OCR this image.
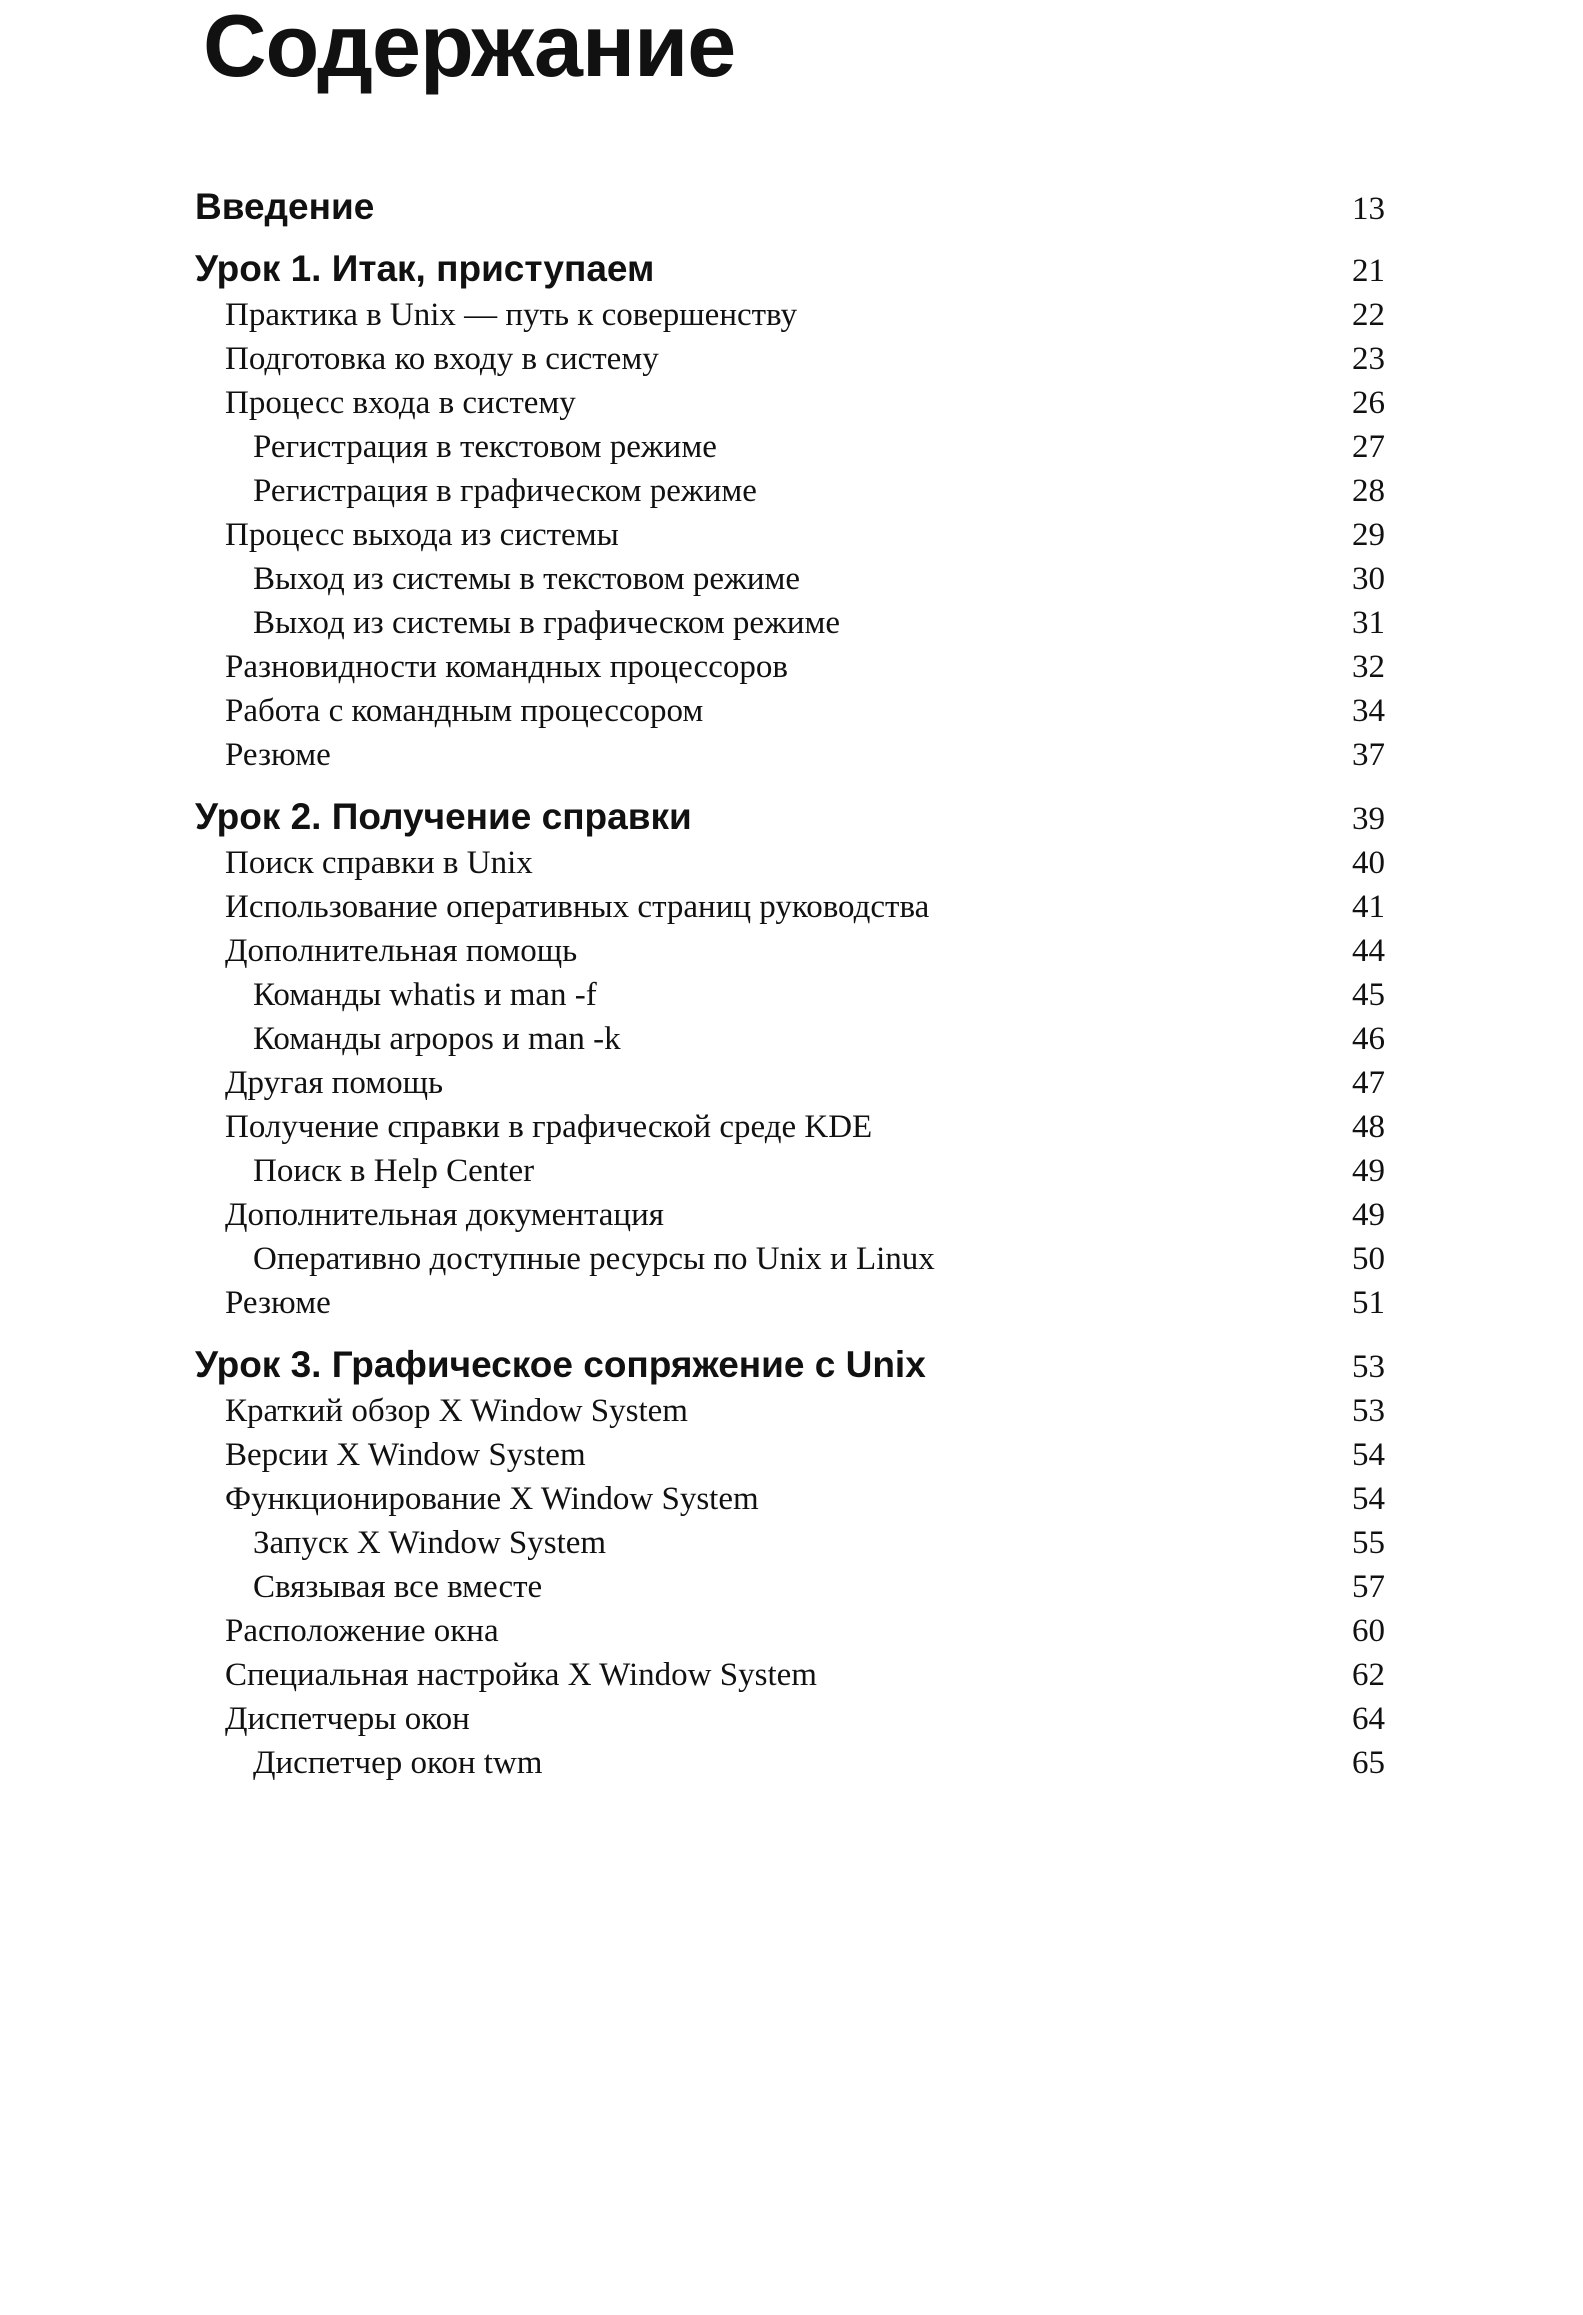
Содержание
Введение	13
Урок 1. Итак, приступаем	21
Практика в Unix — путь к совершенству	22
Подготовка ко входу в систему	23
Процесс входа в систему	26
Регистрация в текстовом режиме	27
Регистрация в графическом режиме	28
Процесс выхода из системы	29
Выход из системы в текстовом режиме	30
Выход из системы в графическом режиме	31
Разновидности командных процессоров	32
Работа с командным процессором	34
Резюме	37
Урок 2. Получение справки	39
Поиск справки в Unix	40
Использование оперативных страниц руководства	41
Дополнительная помощь	44
Команды whatis и man -f	45
Команды arpopos и man -k	46
Другая помощь	47
Получение справки в графической среде KDE	48
Поиск в Help Center	49
Дополнительная документация	49
Оперативно доступные ресурсы по Unix и Linux	50
Резюме	51
Урок 3. Графическое сопряжение с Unix	53
Краткий обзор X Window System	53
Версии X Window System	54
Функционирование X Window System	54
Запуск X Window System	55
Связывая все вместе	57
Расположение окна	60
Специальная настройка X Window System	62
Диспетчеры окон	64
Диспетчер окон twm	65
